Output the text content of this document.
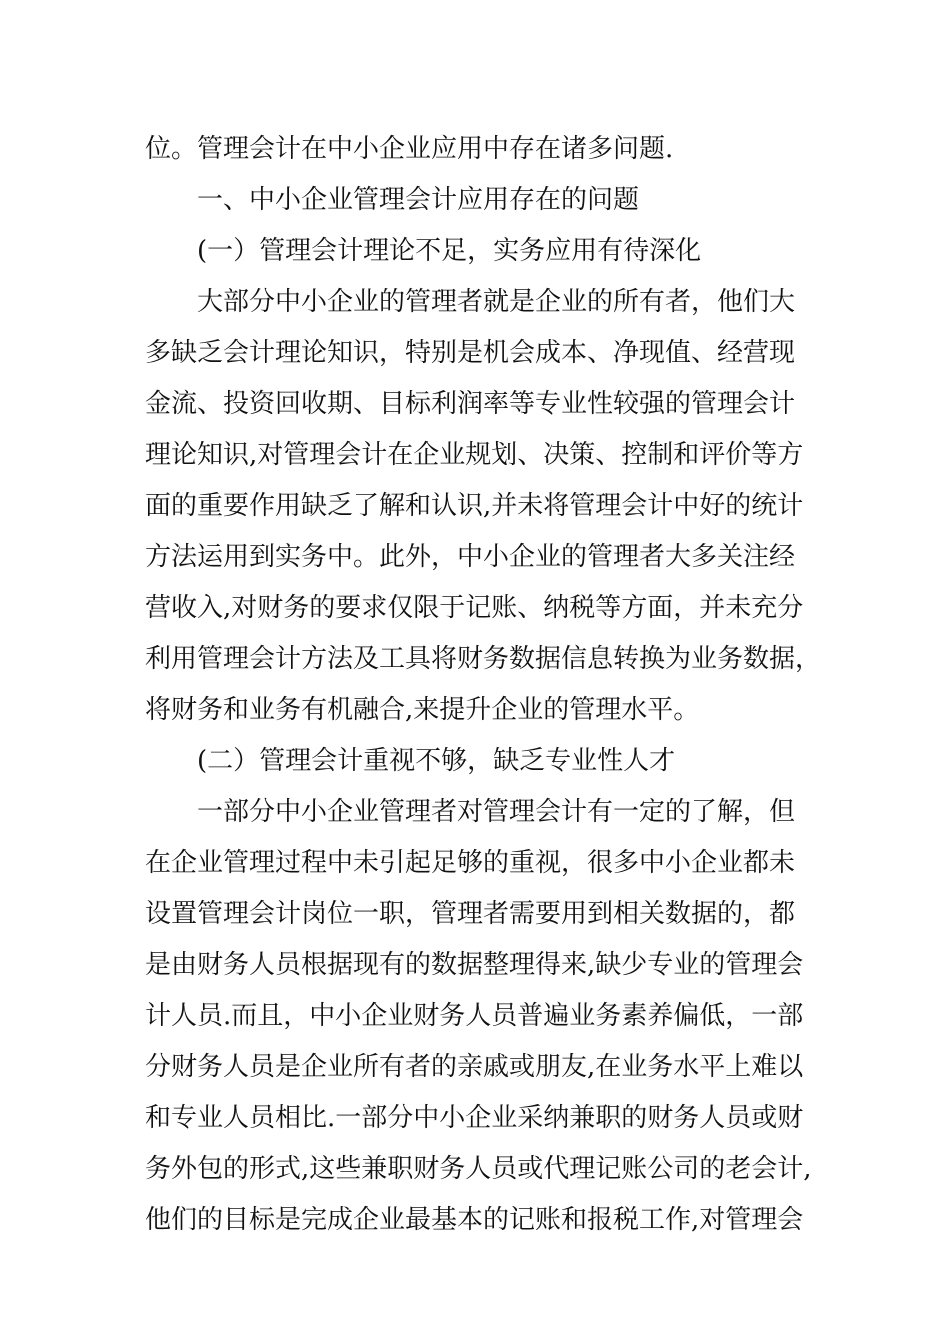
位。管理会计在中小企业应用中存在诸多问题.
一、中小企业管理会计应用存在的问题
(一）管理会计理论不足，实务应用有待深化
大部分中小企业的管理者就是企业的所有者，他们大
多缺乏会计理论知识，特别是机会成本、净现值、经营现
金流、投资回收期、目标利润率等专业性较强的管理会计
理论知识,对管理会计在企业规划、决策、控制和评价等方
面的重要作用缺乏了解和认识,并未将管理会计中好的统计
方法运用到实务中。此外，中小企业的管理者大多关注经
营收入,对财务的要求仅限于记账、纳税等方面，并未充分
利用管理会计方法及工具将财务数据信息转换为业务数据，
将财务和业务有机融合,来提升企业的管理水平。
(二）管理会计重视不够，缺乏专业性人才
一部分中小企业管理者对管理会计有一定的了解，但
在企业管理过程中未引起足够的重视，很多中小企业都未
设置管理会计岗位一职，管理者需要用到相关数据的，都
是由财务人员根据现有的数据整理得来,缺少专业的管理会
计人员.而且，中小企业财务人员普遍业务素养偏低，一部
分财务人员是企业所有者的亲戚或朋友,在业务水平上难以
和专业人员相比.一部分中小企业采纳兼职的财务人员或财
务外包的形式,这些兼职财务人员或代理记账公司的老会计,
他们的目标是完成企业最基本的记账和报税工作,对管理会
